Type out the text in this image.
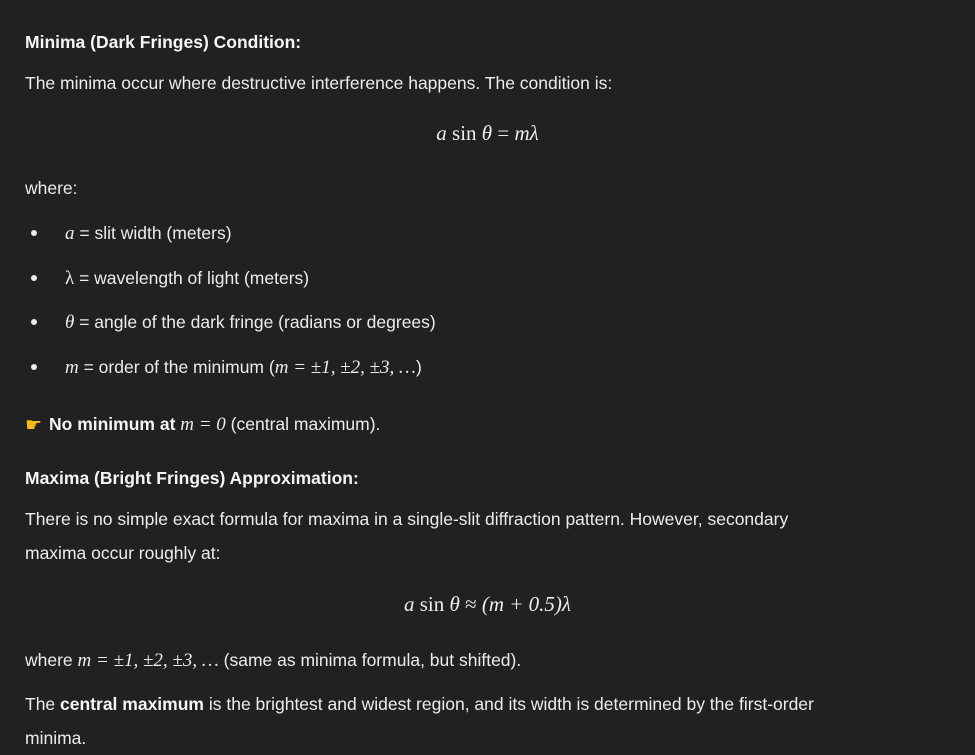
Minima (Dark Fringes) Condition:
The minima occur where destructive interference happens. The condition is:
a sin θ = mλ
where:
a = slit width (meters)
λ = wavelength of light (meters)
θ = angle of the dark fringe (radians or degrees)
m = order of the minimum (m = ±1, ±2, ±3, …)
☛ No minimum at m = 0 (central maximum).
Maxima (Bright Fringes) Approximation:
There is no simple exact formula for maxima in a single-slit diffraction pattern. However, secondary
maxima occur roughly at:
a sin θ ≈ (m + 0.5)λ
where m = ±1, ±2, ±3, … (same as minima formula, but shifted).
The central maximum is the brightest and widest region, and its width is determined by the first-order
minima.
